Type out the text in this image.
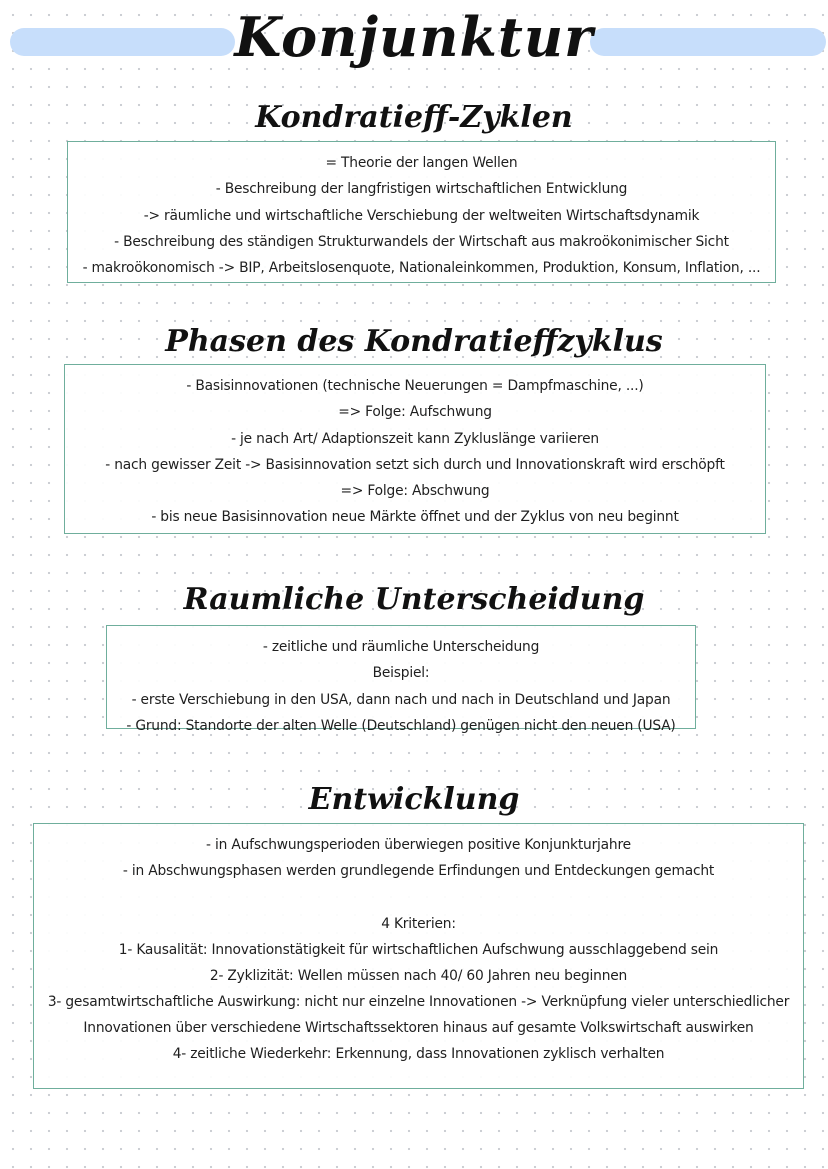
Konjunktur
Kondratieff-Zyklen
= Theorie der langen Wellen
- Beschreibung der langfristigen wirtschaftlichen Entwicklung
-> räumliche und wirtschaftliche Verschiebung der weltweiten Wirtschaftsdynamik
- Beschreibung des ständigen Strukturwandels der Wirtschaft aus makroökonimischer Sicht
- makroökonomisch -> BIP, Arbeitslosenquote, Nationaleinkommen, Produktion, Konsum, Inflation, ...
Phasen des Kondratieffzyklus
- Basisinnovationen (technische Neuerungen = Dampfmaschine, ...)
=> Folge: Aufschwung
- je nach Art/ Adaptionszeit kann Zykluslänge variieren
- nach gewisser Zeit -> Basisinnovation setzt sich durch und Innovationskraft wird erschöpft
=> Folge: Abschwung
- bis neue Basisinnovation neue Märkte öffnet und der Zyklus von neu beginnt
Raumliche Unterscheidung
- zeitliche und räumliche Unterscheidung
Beispiel:
- erste Verschiebung in den USA, dann nach und nach in Deutschland und Japan
- Grund: Standorte der alten Welle (Deutschland) genügen nicht den neuen (USA)
Entwicklung
- in Aufschwungsperioden überwiegen positive Konjunkturjahre
- in Abschwungsphasen werden grundlegende Erfindungen und Entdeckungen gemacht
4 Kriterien:
1- Kausalität: Innovationstätigkeit für wirtschaftlichen Aufschwung ausschlaggebend sein
2- Zyklizität: Wellen müssen nach 40/ 60 Jahren neu beginnen
3- gesamtwirtschaftliche Auswirkung: nicht nur einzelne Innovationen -> Verknüpfung vieler unterschiedlicher Innovationen über verschiedene Wirtschaftssektoren hinaus auf gesamte Volkswirtschaft auswirken
4- zeitliche Wiederkehr: Erkennung, dass Innovationen zyklisch verhalten
